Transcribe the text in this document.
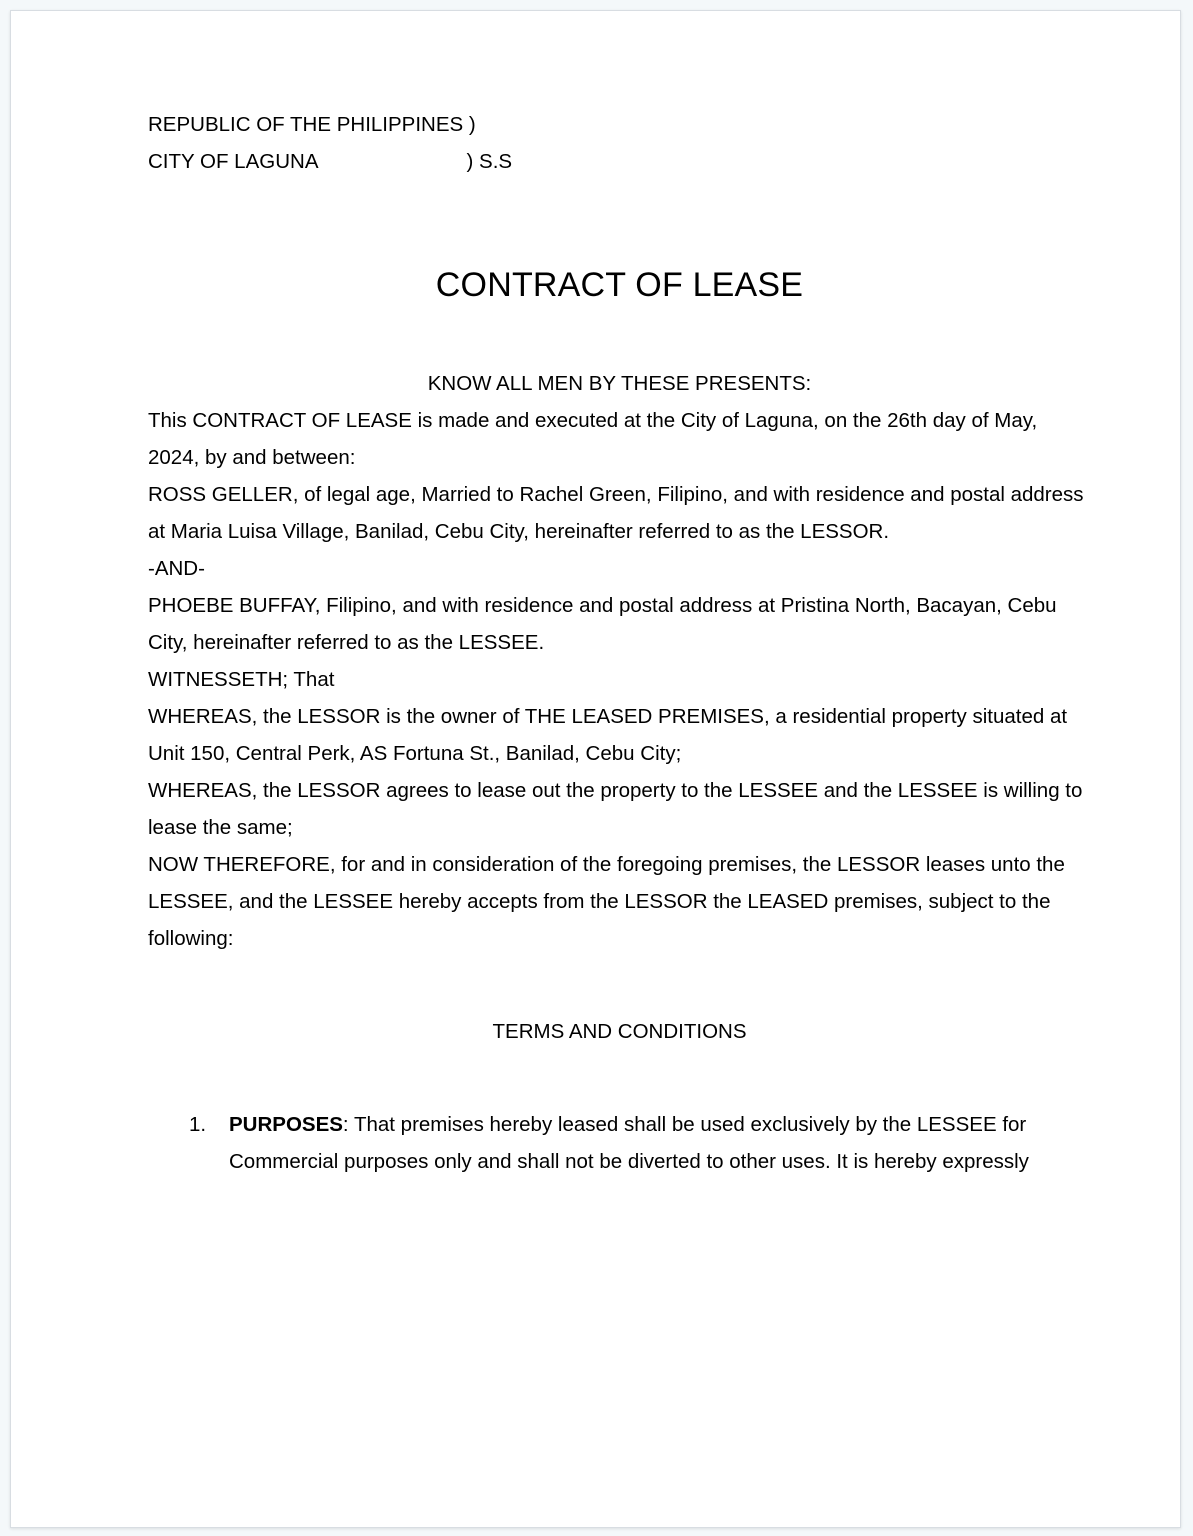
REPUBLIC OF THE PHILIPPINES )
CITY OF LAGUNA	) S.S
CONTRACT OF LEASE
KNOW ALL MEN BY THESE PRESENTS:

This CONTRACT OF LEASE is made and executed at the City of Laguna, on the 26th day of May, 2024, by and between:

ROSS GELLER, of legal age, Married to Rachel Green, Filipino, and with residence and postal address at Maria Luisa Village, Banilad, Cebu City, hereinafter referred to as the LESSOR.

-AND-

PHOEBE BUFFAY, Filipino, and with residence and postal address at Pristina North, Bacayan, Cebu City, hereinafter referred to as the LESSEE.

WITNESSETH; That

WHEREAS, the LESSOR is the owner of THE LEASED PREMISES, a residential property situated at Unit 150, Central Perk, AS Fortuna St., Banilad, Cebu City;

WHEREAS, the LESSOR agrees to lease out the property to the LESSEE and the LESSEE is willing to lease the same;

NOW THEREFORE, for and in consideration of the foregoing premises, the LESSOR leases unto the LESSEE, and the LESSEE hereby accepts from the LESSOR the LEASED premises, subject to the following:

TERMS AND CONDITIONS
1.	PURPOSES: That premises hereby leased shall be used exclusively by the LESSEE for Commercial purposes only and shall not be diverted to other uses. It is hereby expressly
